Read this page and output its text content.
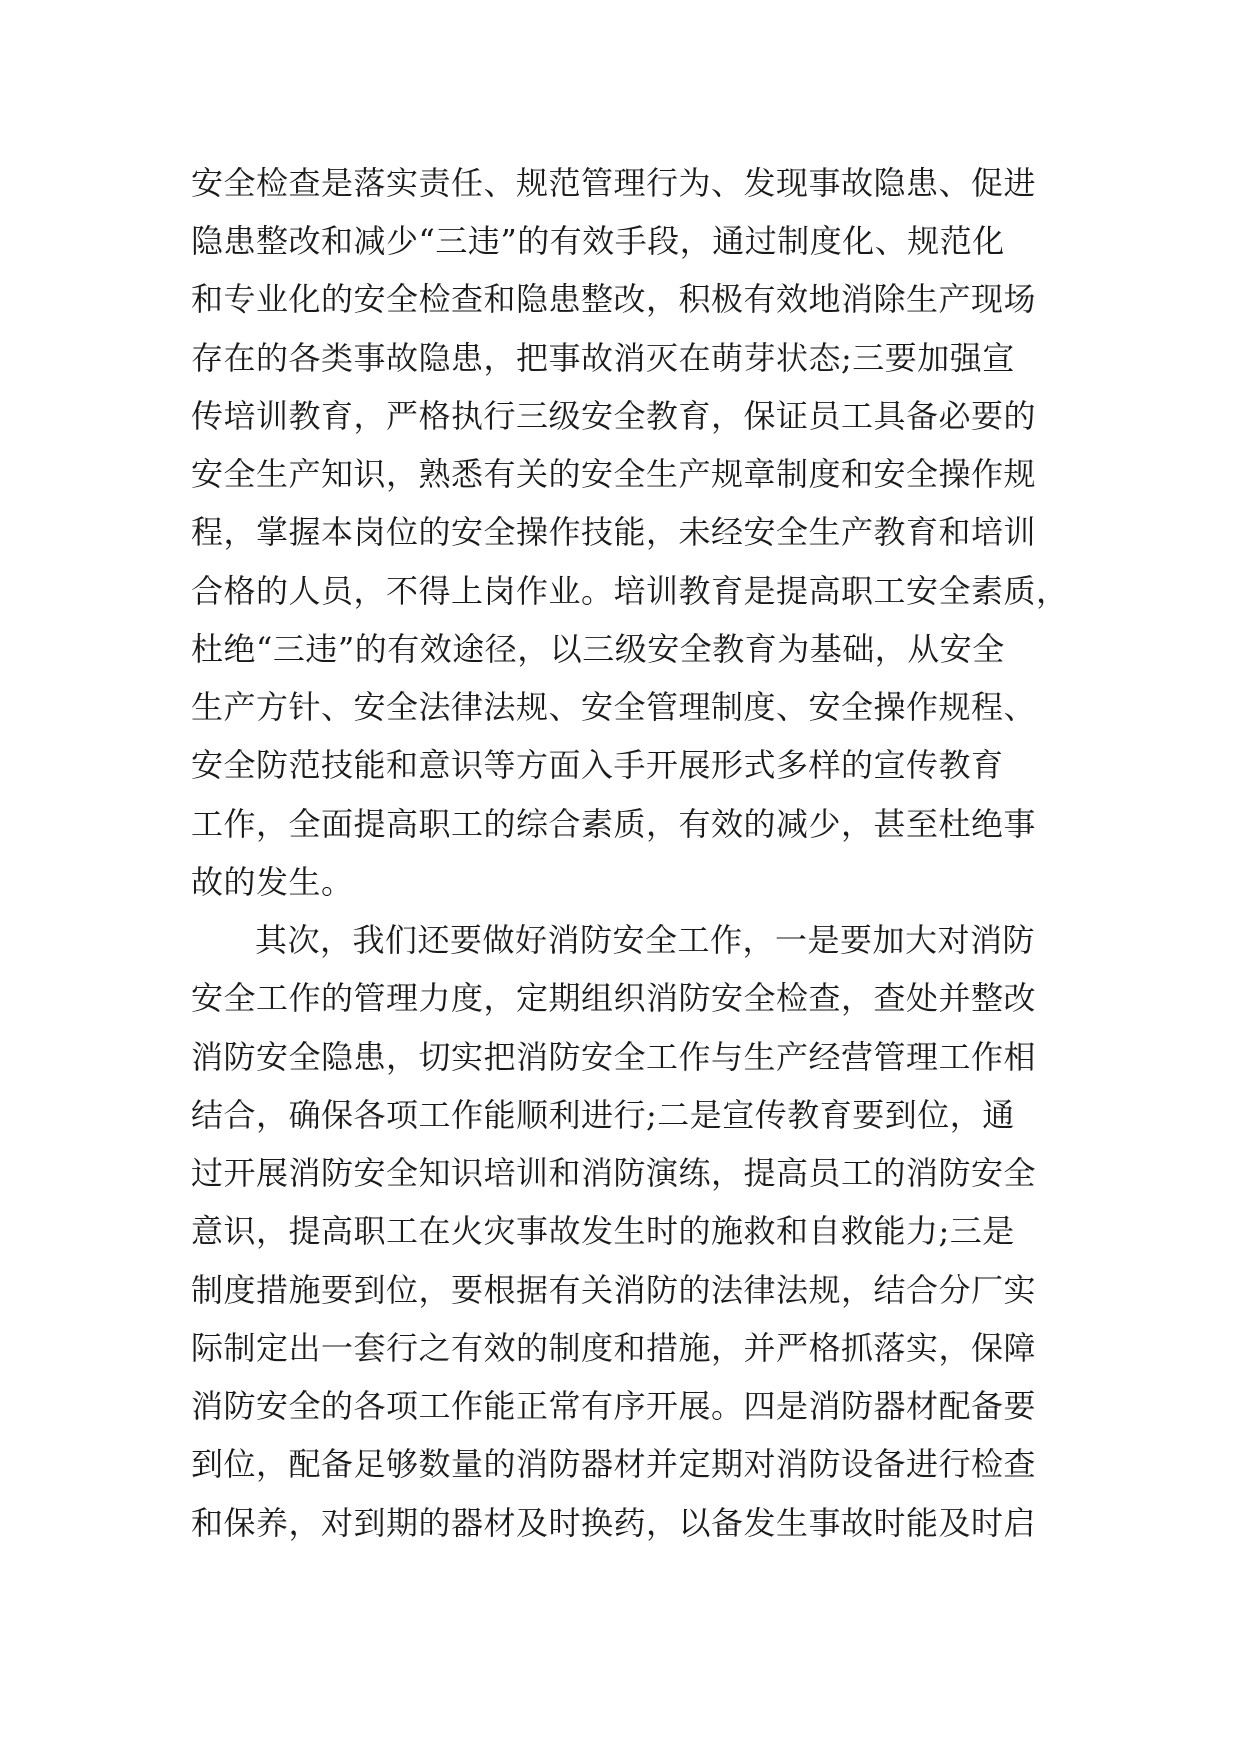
安全检查是落实责任、规范管理行为、发现事故隐患、促进
隐患整改和减少“三违”的有效手段，通过制度化、规范化
和专业化的安全检查和隐患整改，积极有效地消除生产现场
存在的各类事故隐患，把事故消灭在萌芽状态;三要加强宣
传培训教育，严格执行三级安全教育，保证员工具备必要的
安全生产知识，熟悉有关的安全生产规章制度和安全操作规
程，掌握本岗位的安全操作技能，未经安全生产教育和培训
合格的人员，不得上岗作业。培训教育是提高职工安全素质，
杜绝“三违”的有效途径，以三级安全教育为基础，从安全
生产方针、安全法律法规、安全管理制度、安全操作规程、
安全防范技能和意识等方面入手开展形式多样的宣传教育
工作，全面提高职工的综合素质，有效的减少，甚至杜绝事
故的发生。
其次，我们还要做好消防安全工作，一是要加大对消防
安全工作的管理力度，定期组织消防安全检查，查处并整改
消防安全隐患，切实把消防安全工作与生产经营管理工作相
结合，确保各项工作能顺利进行;二是宣传教育要到位，通
过开展消防安全知识培训和消防演练，提高员工的消防安全
意识，提高职工在火灾事故发生时的施救和自救能力;三是
制度措施要到位，要根据有关消防的法律法规，结合分厂实
际制定出一套行之有效的制度和措施，并严格抓落实，保障
消防安全的各项工作能正常有序开展。四是消防器材配备要
到位，配备足够数量的消防器材并定期对消防设备进行检查
和保养，对到期的器材及时换药，以备发生事故时能及时启
